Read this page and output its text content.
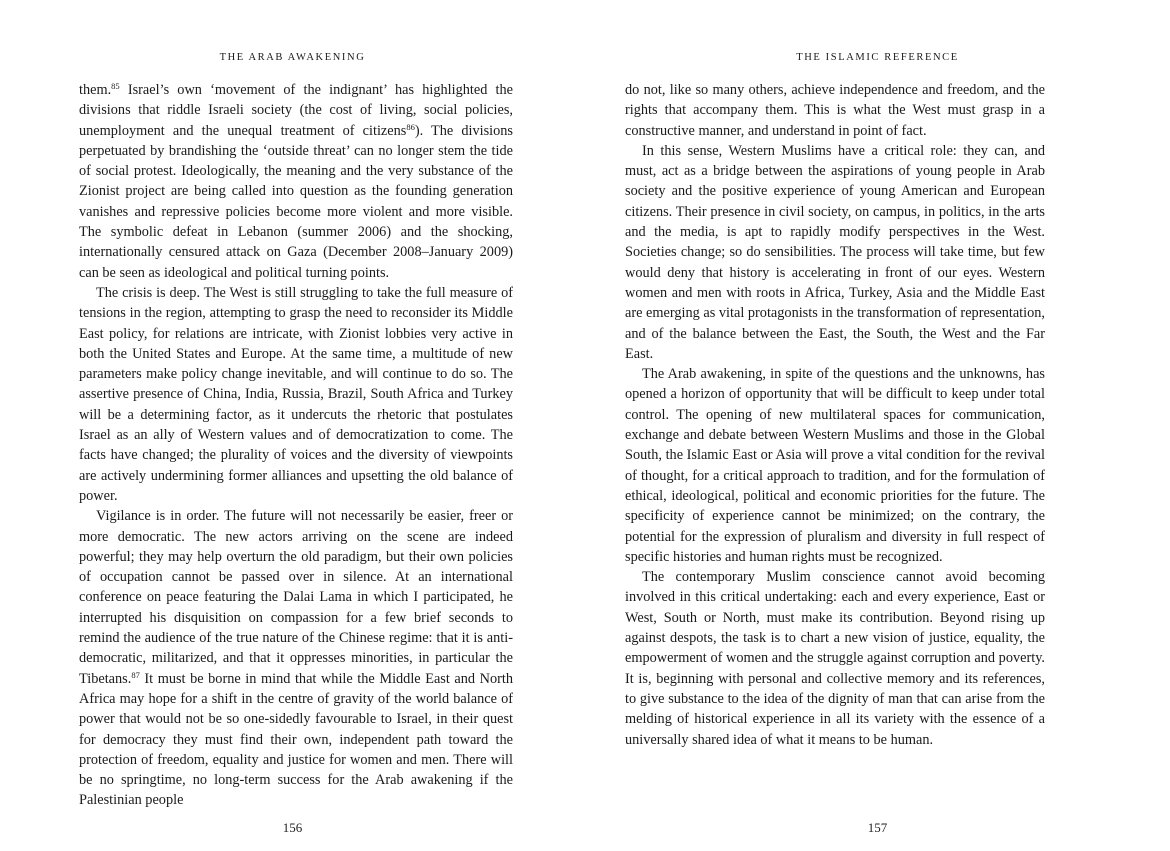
THE ARAB AWAKENING

them.$^{85}$ Israel’s own ‘movement of the indignant’ has highlighted the divisions that riddle Israeli society (the cost of living, social policies, unemployment and the unequal treatment of citizens$^{86}$). The divisions perpetuated by brandishing the ‘outside threat’ can no longer stem the tide of social protest. Ideologically, the meaning and the very substance of the Zionist project are being called into question as the founding generation vanishes and repressive policies become more violent and more visible. The symbolic defeat in Lebanon (summer 2006) and the shocking, internationally censured attack on Gaza (December 2008–January 2009) can be seen as ideological and political turning points.

The crisis is deep. The West is still struggling to take the full measure of tensions in the region, attempting to grasp the need to reconsider its Middle East policy, for relations are intricate, with Zionist lobbies very active in both the United States and Europe. At the same time, a multitude of new parameters make policy change inevitable, and will continue to do so. The assertive presence of China, India, Russia, Brazil, South Africa and Turkey will be a determining factor, as it undercuts the rhetoric that postulates Israel as an ally of Western values and of democratization to come. The facts have changed; the plurality of voices and the diversity of viewpoints are actively undermining former alliances and upsetting the old balance of power.

Vigilance is in order. The future will not necessarily be easier, freer or more democratic. The new actors arriving on the scene are indeed powerful; they may help overturn the old paradigm, but their own policies of occupation cannot be passed over in silence. At an international conference on peace featuring the Dalai Lama in which I participated, he interrupted his disquisition on compassion for a few brief seconds to remind the audience of the true nature of the Chinese regime: that it is anti-democratic, militarized, and that it oppresses minorities, in particular the Tibetans.$^{87}$ It must be borne in mind that while the Middle East and North Africa may hope for a shift in the centre of gravity of the world balance of power that would not be so one-sidedly favourable to Israel, in their quest for democracy they must find their own, independent path toward the protection of freedom, equality and justice for women and men. There will be no springtime, no long-term success for the Arab awakening if the Palestinian people

156
THE ISLAMIC REFERENCE

do not, like so many others, achieve independence and freedom, and the rights that accompany them. This is what the West must grasp in a constructive manner, and understand in point of fact.

In this sense, Western Muslims have a critical role: they can, and must, act as a bridge between the aspirations of young people in Arab society and the positive experience of young American and European citizens. Their presence in civil society, on campus, in politics, in the arts and the media, is apt to rapidly modify perspectives in the West. Societies change; so do sensibilities. The process will take time, but few would deny that history is accelerating in front of our eyes. Western women and men with roots in Africa, Turkey, Asia and the Middle East are emerging as vital protagonists in the transformation of representation, and of the balance between the East, the South, the West and the Far East.

The Arab awakening, in spite of the questions and the unknowns, has opened a horizon of opportunity that will be difficult to keep under total control. The opening of new multilateral spaces for communication, exchange and debate between Western Muslims and those in the Global South, the Islamic East or Asia will prove a vital condition for the revival of thought, for a critical approach to tradition, and for the formulation of ethical, ideological, political and economic priorities for the future. The specificity of experience cannot be minimized; on the contrary, the potential for the expression of pluralism and diversity in full respect of specific histories and human rights must be recognized.

The contemporary Muslim conscience cannot avoid becoming involved in this critical undertaking: each and every experience, East or West, South or North, must make its contribution. Beyond rising up against despots, the task is to chart a new vision of justice, equality, the empowerment of women and the struggle against corruption and poverty. It is, beginning with personal and collective memory and its references, to give substance to the idea of the dignity of man that can arise from the melding of historical experience in all its variety with the essence of a universally shared idea of what it means to be human.

157
